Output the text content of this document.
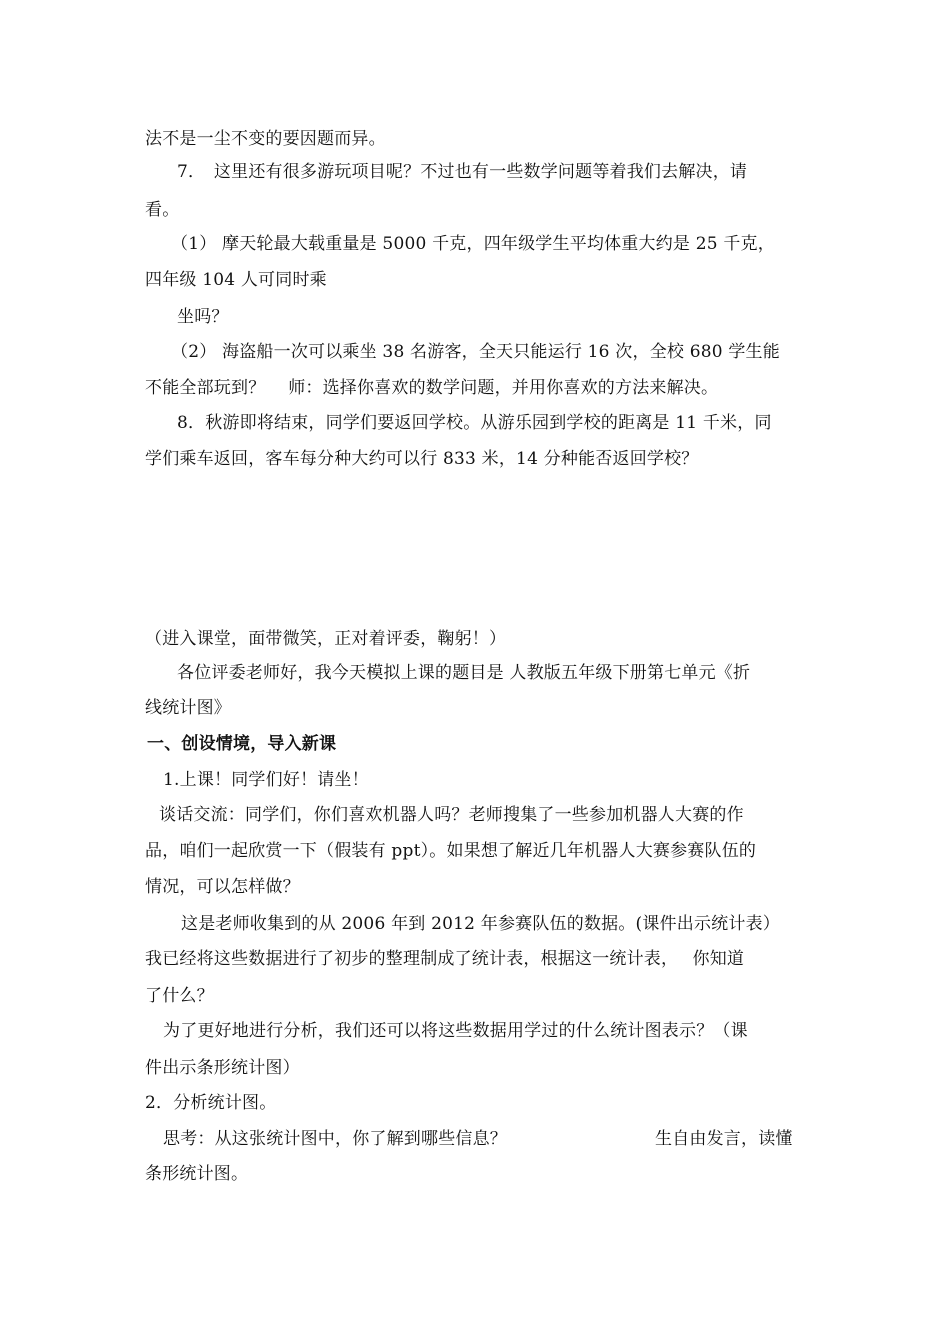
法不是一尘不变的要因题而异。
7．　这里还有很多游玩项目呢？不过也有一些数学问题等着我们去解决，请
看。
（1） 摩天轮最大载重量是 5000 千克，四年级学生平均体重大约是 25 千克，
四年级 104 人可同时乘
坐吗？
（2） 海盗船一次可以乘坐 38 名游客，全天只能运行 16 次，全校 680 学生能
不能全部玩到？　 师：选择你喜欢的数学问题，并用你喜欢的方法来解决。
8．秋游即将结束，同学们要返回学校。从游乐园到学校的距离是 11 千米，同
学们乘车返回，客车每分种大约可以行 833 米，14 分种能否返回学校？
（进入课堂，面带微笑，正对着评委，鞠躬！）
各位评委老师好，我今天模拟上课的题目是 人教版五年级下册第七单元《折
线统计图》
一、创设情境，导入新课
1.上课！同学们好！请坐！
谈话交流：同学们，你们喜欢机器人吗？老师搜集了一些参加机器人大赛的作
品，咱们一起欣赏一下（假装有 ppt）。如果想了解近几年机器人大赛参赛队伍的
情况，可以怎样做？
这是老师收集到的从 2006 年到 2012 年参赛队伍的数据。(课件出示统计表）
我已经将这些数据进行了初步的整理制成了统计表，根据这一统计表，　 你知道
了什么？
为了更好地进行分析，我们还可以将这些数据用学过的什么统计图表示？（课
件出示条形统计图）
2．分析统计图。
思考：从这张统计图中，你了解到哪些信息？	生自由发言，读懂
条形统计图。
